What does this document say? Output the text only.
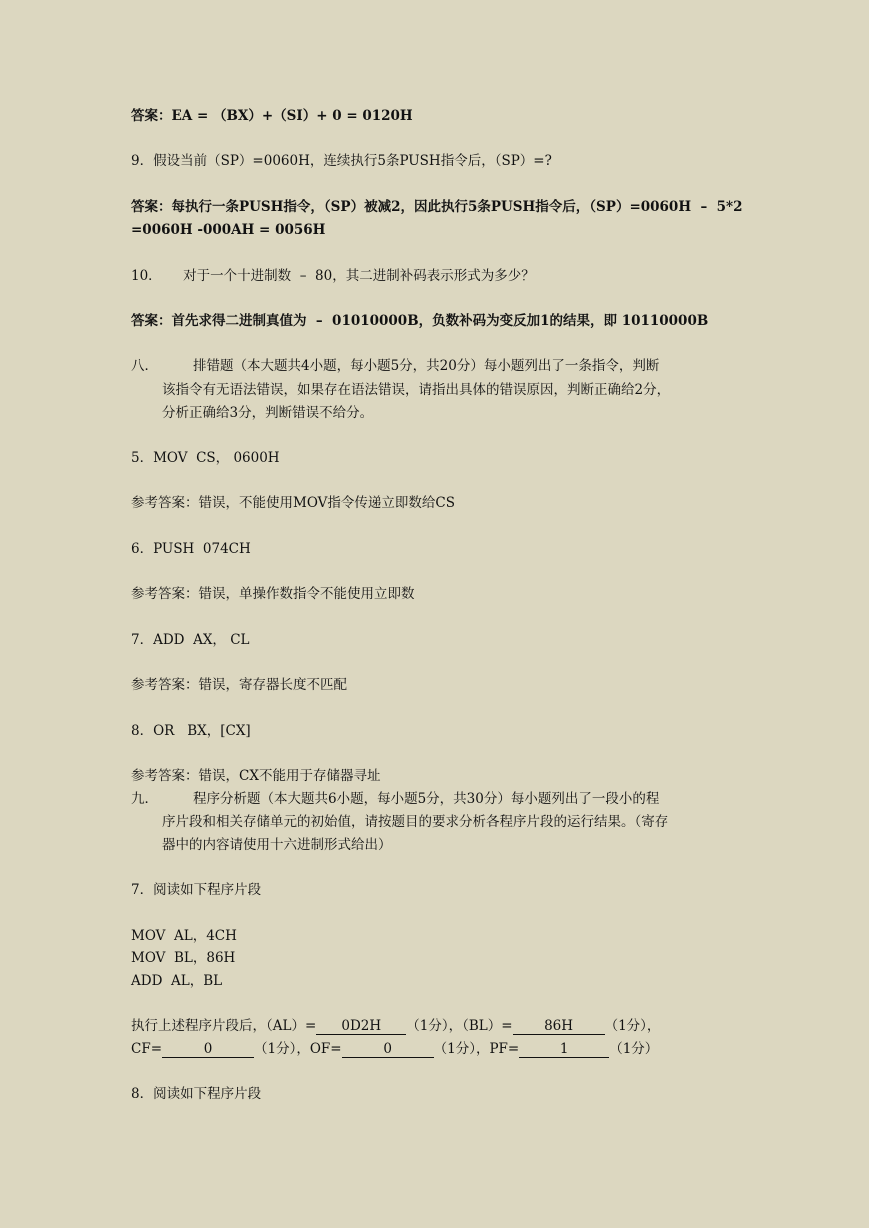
答案：EA = （BX）+（SI）+ 0 = 0120H
9．假设当前（SP）=0060H，连续执行5条PUSH指令后，（SP）=?
答案：每执行一条PUSH指令，（SP）被减2，因此执行5条PUSH指令后，（SP）=0060H  –  5*2
=0060H -000AH = 0056H
10．     对于一个十进制数  –  80，其二进制补码表示形式为多少？
答案：首先求得二进制真值为  –  01010000B，负数补码为变反加1的结果，即 10110000B
八．	排错题（本大题共4小题，每小题5分，共20分）每小题列出了一条指令，判断
该指令有无语法错误，如果存在语法错误，请指出具体的错误原因，判断正确给2分，
分析正确给3分，判断错误不给分。
5．MOV  CS， 0600H
参考答案：错误，不能使用MOV指令传递立即数给CS
6．PUSH  074CH
参考答案：错误，单操作数指令不能使用立即数
7．ADD  AX， CL
参考答案：错误，寄存器长度不匹配
8．OR   BX，[CX]
参考答案：错误，CX不能用于存储器寻址
九．	程序分析题（本大题共6小题，每小题5分，共30分）每小题列出了一段小的程
序片段和相关存储单元的初始值，请按题目的要求分析各程序片段的运行结果。（寄存
器中的内容请使用十六进制形式给出）
7．阅读如下程序片段
MOV  AL，4CH
MOV  BL，86H
ADD  AL，BL
执行上述程序片段后，（AL）= 0D2H （1分），（BL）= 86H （1分），
CF=	0	（1分），OF=	0	（1分），PF=	1	（1分）
8．阅读如下程序片段
